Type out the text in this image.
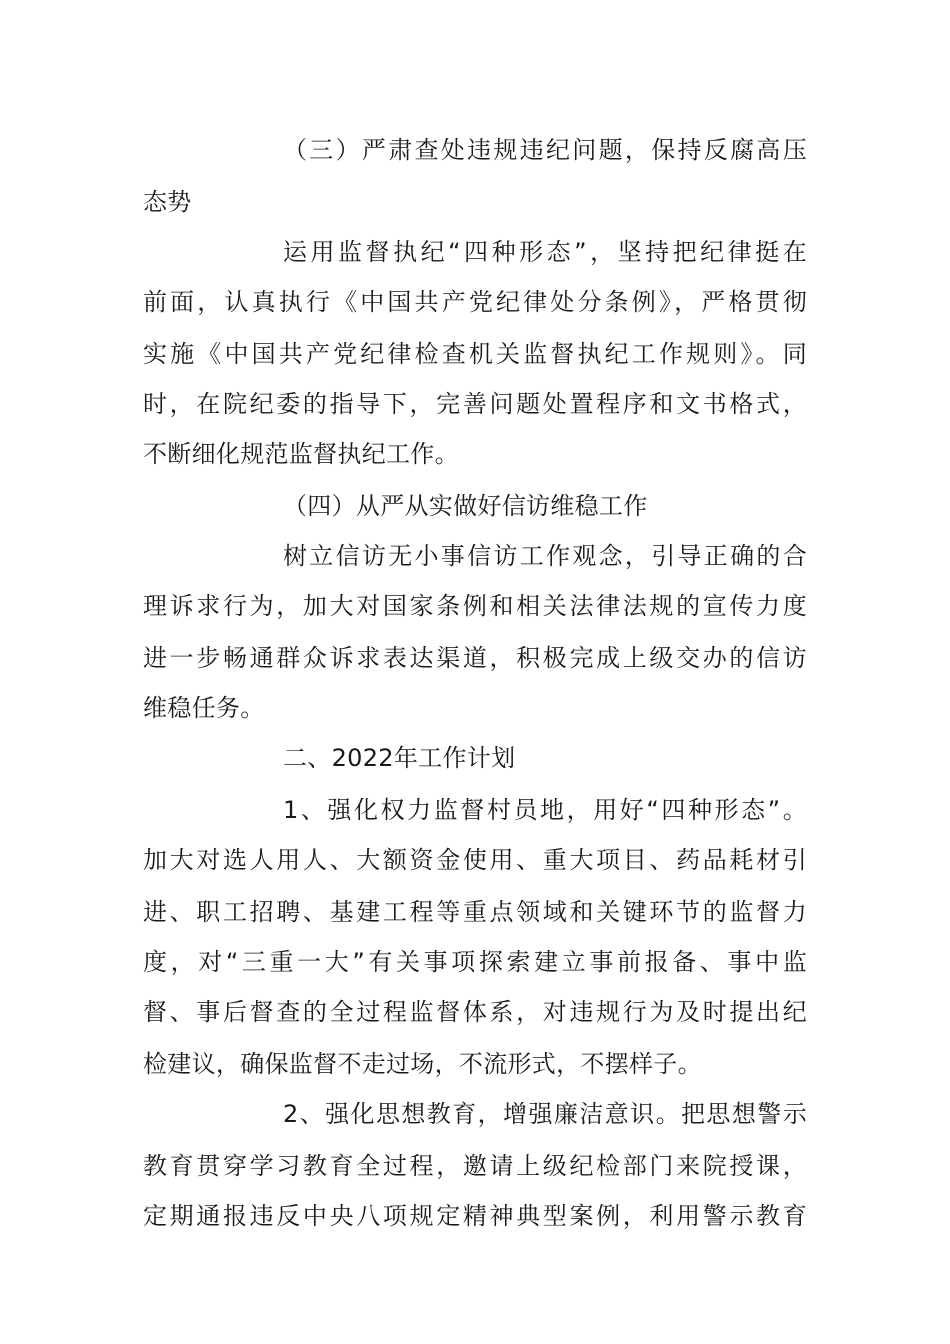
（三）严肃查处违规违纪问题，保持反腐高压
态势
运用监督执纪“四种形态”，坚持把纪律挺在
前面，认真执行《中国共产党纪律处分条例》，严格贯彻
实施《中国共产党纪律检查机关监督执纪工作规则》。同
时，在院纪委的指导下，完善问题处置程序和文书格式，
不断细化规范监督执纪工作。
（四）从严从实做好信访维稳工作
树立信访无小事信访工作观念，引导正确的合
理诉求行为，加大对国家条例和相关法律法规的宣传力度
进一步畅通群众诉求表达渠道，积极完成上级交办的信访
维稳任务。
二、2022年工作计划
1、强化权力监督村员地，用好“四种形态”。
加大对选人用人、大额资金使用、重大项目、药品耗材引
进、职工招聘、基建工程等重点领域和关键环节的监督力
度，对“三重一大”有关事项探索建立事前报备、事中监
督、事后督查的全过程监督体系，对违规行为及时提出纪
检建议，确保监督不走过场，不流形式，不摆样子。
2、强化思想教育，增强廉洁意识。把思想警示
教育贯穿学习教育全过程，邀请上级纪检部门来院授课，
定期通报违反中央八项规定精神典型案例，利用警示教育
